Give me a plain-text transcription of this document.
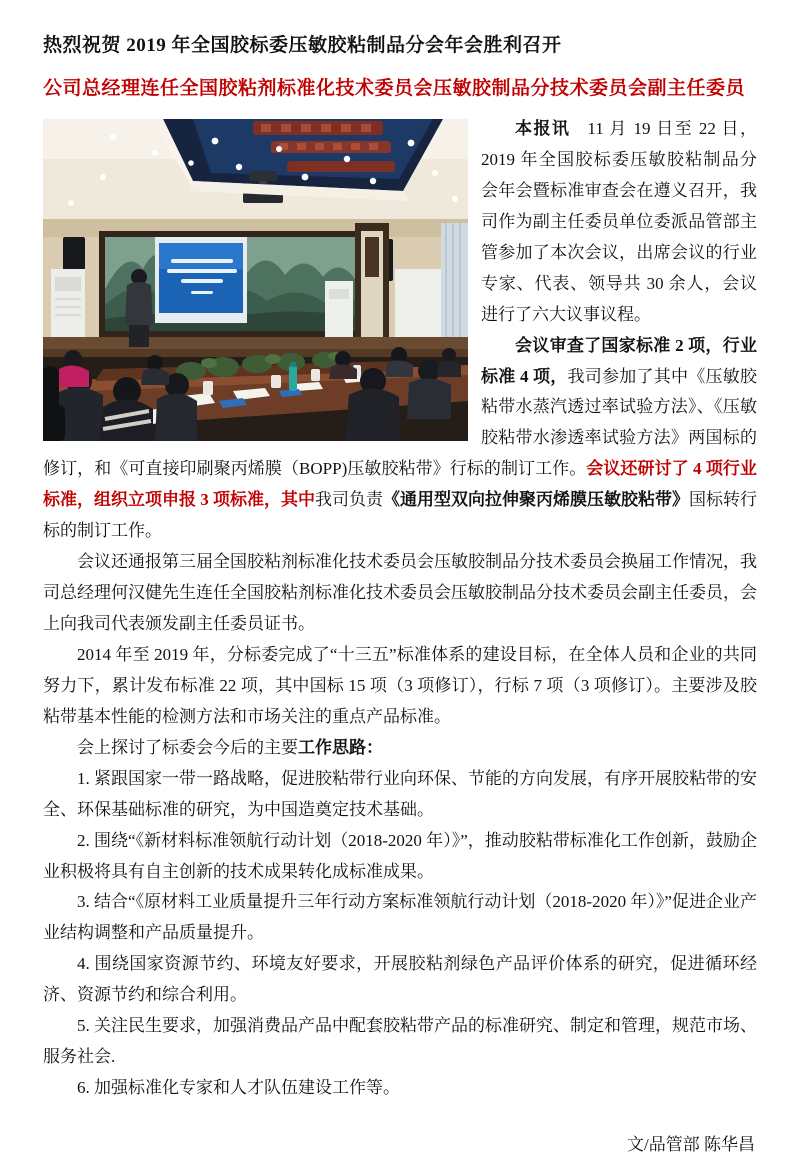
热烈祝贺 2019 年全国胶标委压敏胶粘制品分会年会胜利召开
公司总经理连任全国胶粘剂标准化技术委员会压敏胶制品分技术委员会副主任委员

本报讯 11 月 19 日至 22 日，2019 年全国胶标委压敏胶粘制品分会年会暨标准审查会在遵义召开，我司作为副主任委员单位委派品管部主管参加了本次会议，出席会议的行业专家、代表、领导共 30 余人，会议进行了六大议事议程。

会议审查了国家标准 2 项，行业标准 4 项，我司参加了其中《压敏胶粘带水蒸汽透过率试验方法》、《压敏胶粘带水渗透率试验方法》两国标的修订，和《可直接印刷聚丙烯膜（BOPP)压敏胶粘带》行标的制订工作。会议还研讨了 4 项行业标准，组织立项申报 3 项标准，其中我司负责《通用型双向拉伸聚丙烯膜压敏胶粘带》国标转行标的制订工作。

会议还通报第三届全国胶粘剂标准化技术委员会压敏胶制品分技术委员会换届工作情况，我司总经理何汉健先生连任全国胶粘剂标准化技术委员会压敏胶制品分技术委员会副主任委员，会上向我司代表颁发副主任委员证书。

2014 年至 2019 年，分标委完成了“十三五”标准体系的建设目标，在全体人员和企业的共同努力下，累计发布标准 22 项，其中国标 15 项（3 项修订），行标 7 项（3 项修订）。主要涉及胶粘带基本性能的检测方法和市场关注的重点产品标准。

会上探讨了标委会今后的主要工作思路：

1. 紧跟国家一带一路战略，促进胶粘带行业向环保、节能的方向发展，有序开展胶粘带的安全、环保基础标准的研究，为中国造奠定技术基础。

2. 围绕“《新材料标准领航行动计划（2018-2020 年）》”，推动胶粘带标准化工作创新，鼓励企业积极将具有自主创新的技术成果转化成标准成果。

3. 结合“《原材料工业质量提升三年行动方案标准领航行动计划（2018-2020 年）》”促进企业产业结构调整和产品质量提升。

4. 围绕国家资源节约、环境友好要求，开展胶粘剂绿色产品评价体系的研究，促进循环经济、资源节约和综合利用。

5. 关注民生要求，加强消费品产品中配套胶粘带产品的标准研究、制定和管理，规范市场、服务社会.

6. 加强标准化专家和人才队伍建设工作等。

文/品管部 陈华昌
